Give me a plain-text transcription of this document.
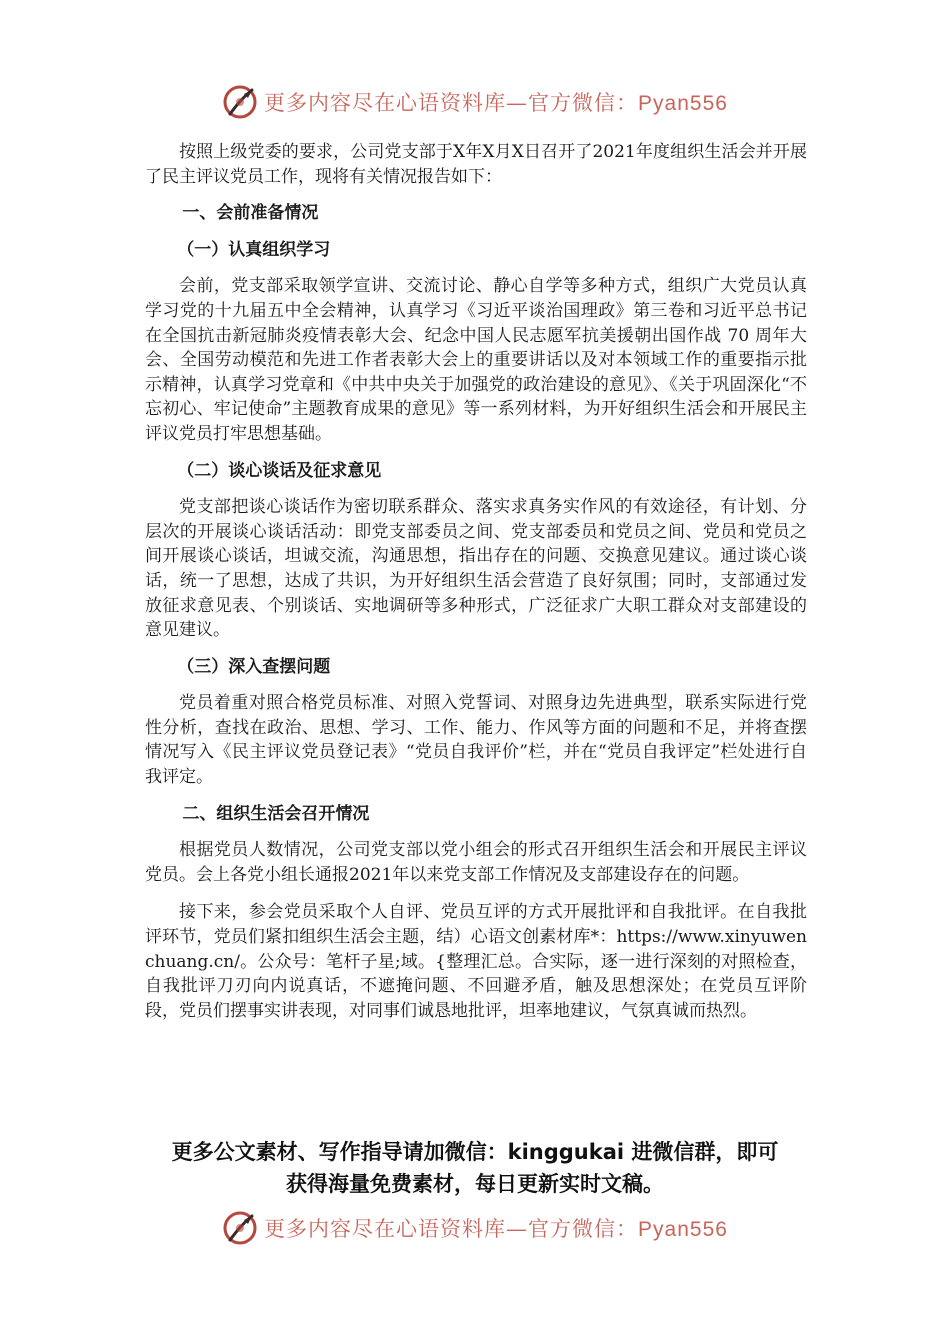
更多内容尽在心语资料库—官方微信：Pyan556

按照上级党委的要求，公司党支部于X年X月X日召开了2021年度组织生活会并开展了民主评议党员工作，现将有关情况报告如下：

一、会前准备情况
（一）认真组织学习

会前，党支部采取领学宣讲、交流讨论、静心自学等多种方式，组织广大党员认真学习党的十九届五中全会精神，认真学习《习近平谈治国理政》第三卷和习近平总书记在全国抗击新冠肺炎疫情表彰大会、纪念中国人民志愿军抗美援朝出国作战 70 周年大会、全国劳动模范和先进工作者表彰大会上的重要讲话以及对本领域工作的重要指示批示精神，认真学习党章和《中共中央关于加强党的政治建设的意见》、《关于巩固深化“不忘初心、牢记使命”主题教育成果的意见》等一系列材料，为开好组织生活会和开展民主评议党员打牢思想基础。

（二）谈心谈话及征求意见

党支部把谈心谈话作为密切联系群众、落实求真务实作风的有效途径，有计划、分层次的开展谈心谈话活动：即党支部委员之间、党支部委员和党员之间、党员和党员之间开展谈心谈话，坦诚交流，沟通思想，指出存在的问题、交换意见建议。通过谈心谈话，统一了思想，达成了共识，为开好组织生活会营造了良好氛围；同时，支部通过发放征求意见表、个别谈话、实地调研等多种形式，广泛征求广大职工群众对支部建设的意见建议。

（三）深入查摆问题

党员着重对照合格党员标准、对照入党誓词、对照身边先进典型，联系实际进行党性分析，查找在政治、思想、学习、工作、能力、作风等方面的问题和不足，并将查摆情况写入《民主评议党员登记表》“党员自我评价”栏，并在“党员自我评定”栏处进行自我评定。

二、组织生活会召开情况

根据党员人数情况，公司党支部以党小组会的形式召开组织生活会和开展民主评议党员。会上各党小组长通报2021年以来党支部工作情况及支部建设存在的问题。

接下来，参会党员采取个人自评、党员互评的方式开展批评和自我批评。在自我批评环节，党员们紧扣组织生活会主题，结）心语文创素材库*：https://www.xinyuwenchuang.cn/。公众号：笔杆子星;域。{整理汇总。合实际，逐一进行深刻的对照检查，自我批评刀刃向内说真话，不遮掩问题、不回避矛盾，触及思想深处；在党员互评阶段，党员们摆事实讲表现，对同事们诚恳地批评，坦率地建议，气氛真诚而热烈。

更多公文素材、写作指导请加微信：kinggukai 进微信群，即可
获得海量免费素材，每日更新实时文稿。
更多内容尽在心语资料库—官方微信：Pyan556
